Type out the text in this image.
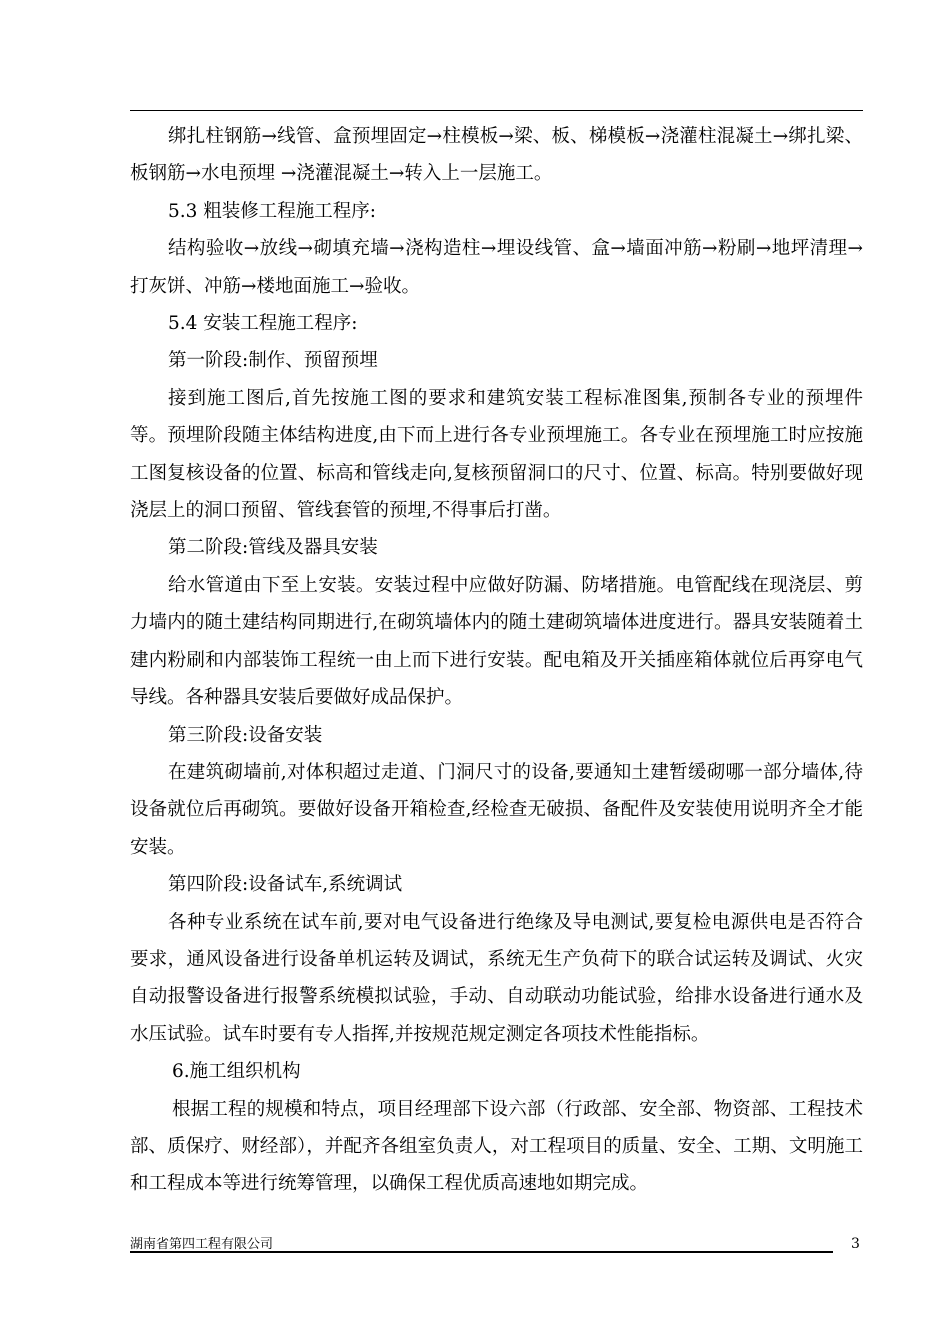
绑扎柱钢筋→线管、盒预埋固定→柱模板→梁、板、梯模板→浇灌柱混凝土→绑扎梁、板钢筋→水电预埋 →浇灌混凝土→转入上一层施工。

5.3 粗装修工程施工程序:

结构验收→放线→砌填充墙→浇构造柱→埋设线管、盒→墙面冲筋→粉刷→地坪清理→打灰饼、冲筋→楼地面施工→验收。

5.4 安装工程施工程序:

第一阶段:制作、预留预埋

接到施工图后,首先按施工图的要求和建筑安装工程标准图集,预制各专业的预埋件等。预埋阶段随主体结构进度,由下而上进行各专业预埋施工。各专业在预埋施工时应按施工图复核设备的位置、标高和管线走向,复核预留洞口的尺寸、位置、标高。特别要做好现浇层上的洞口预留、管线套管的预埋,不得事后打凿。

第二阶段:管线及器具安装

给水管道由下至上安装。安装过程中应做好防漏、防堵措施。电管配线在现浇层、剪力墙内的随土建结构同期进行,在砌筑墙体内的随土建砌筑墙体进度进行。器具安装随着土建内粉刷和内部装饰工程统一由上而下进行安装。配电箱及开关插座箱体就位后再穿电气导线。各种器具安装后要做好成品保护。

第三阶段:设备安装

在建筑砌墙前,对体积超过走道、门洞尺寸的设备,要通知土建暂缓砌哪一部分墙体,待设备就位后再砌筑。要做好设备开箱检查,经检查无破损、备配件及安装使用说明齐全才能安装。

第四阶段:设备试车,系统调试

各种专业系统在试车前,要对电气设备进行绝缘及导电测试,要复检电源供电是否符合要求，通风设备进行设备单机运转及调试，系统无生产负荷下的联合试运转及调试、火灾自动报警设备进行报警系统模拟试验，手动、自动联动功能试验，给排水设备进行通水及水压试验。试车时要有专人指挥,并按规范规定测定各项技术性能指标。

6.施工组织机构

根据工程的规模和特点，项目经理部下设六部（行政部、安全部、物资部、工程技术部、质保疗、财经部），并配齐各组室负责人，对工程项目的质量、安全、工期、文明施工和工程成本等进行统筹管理，以确保工程优质高速地如期完成。

湖南省第四工程有限公司	3
